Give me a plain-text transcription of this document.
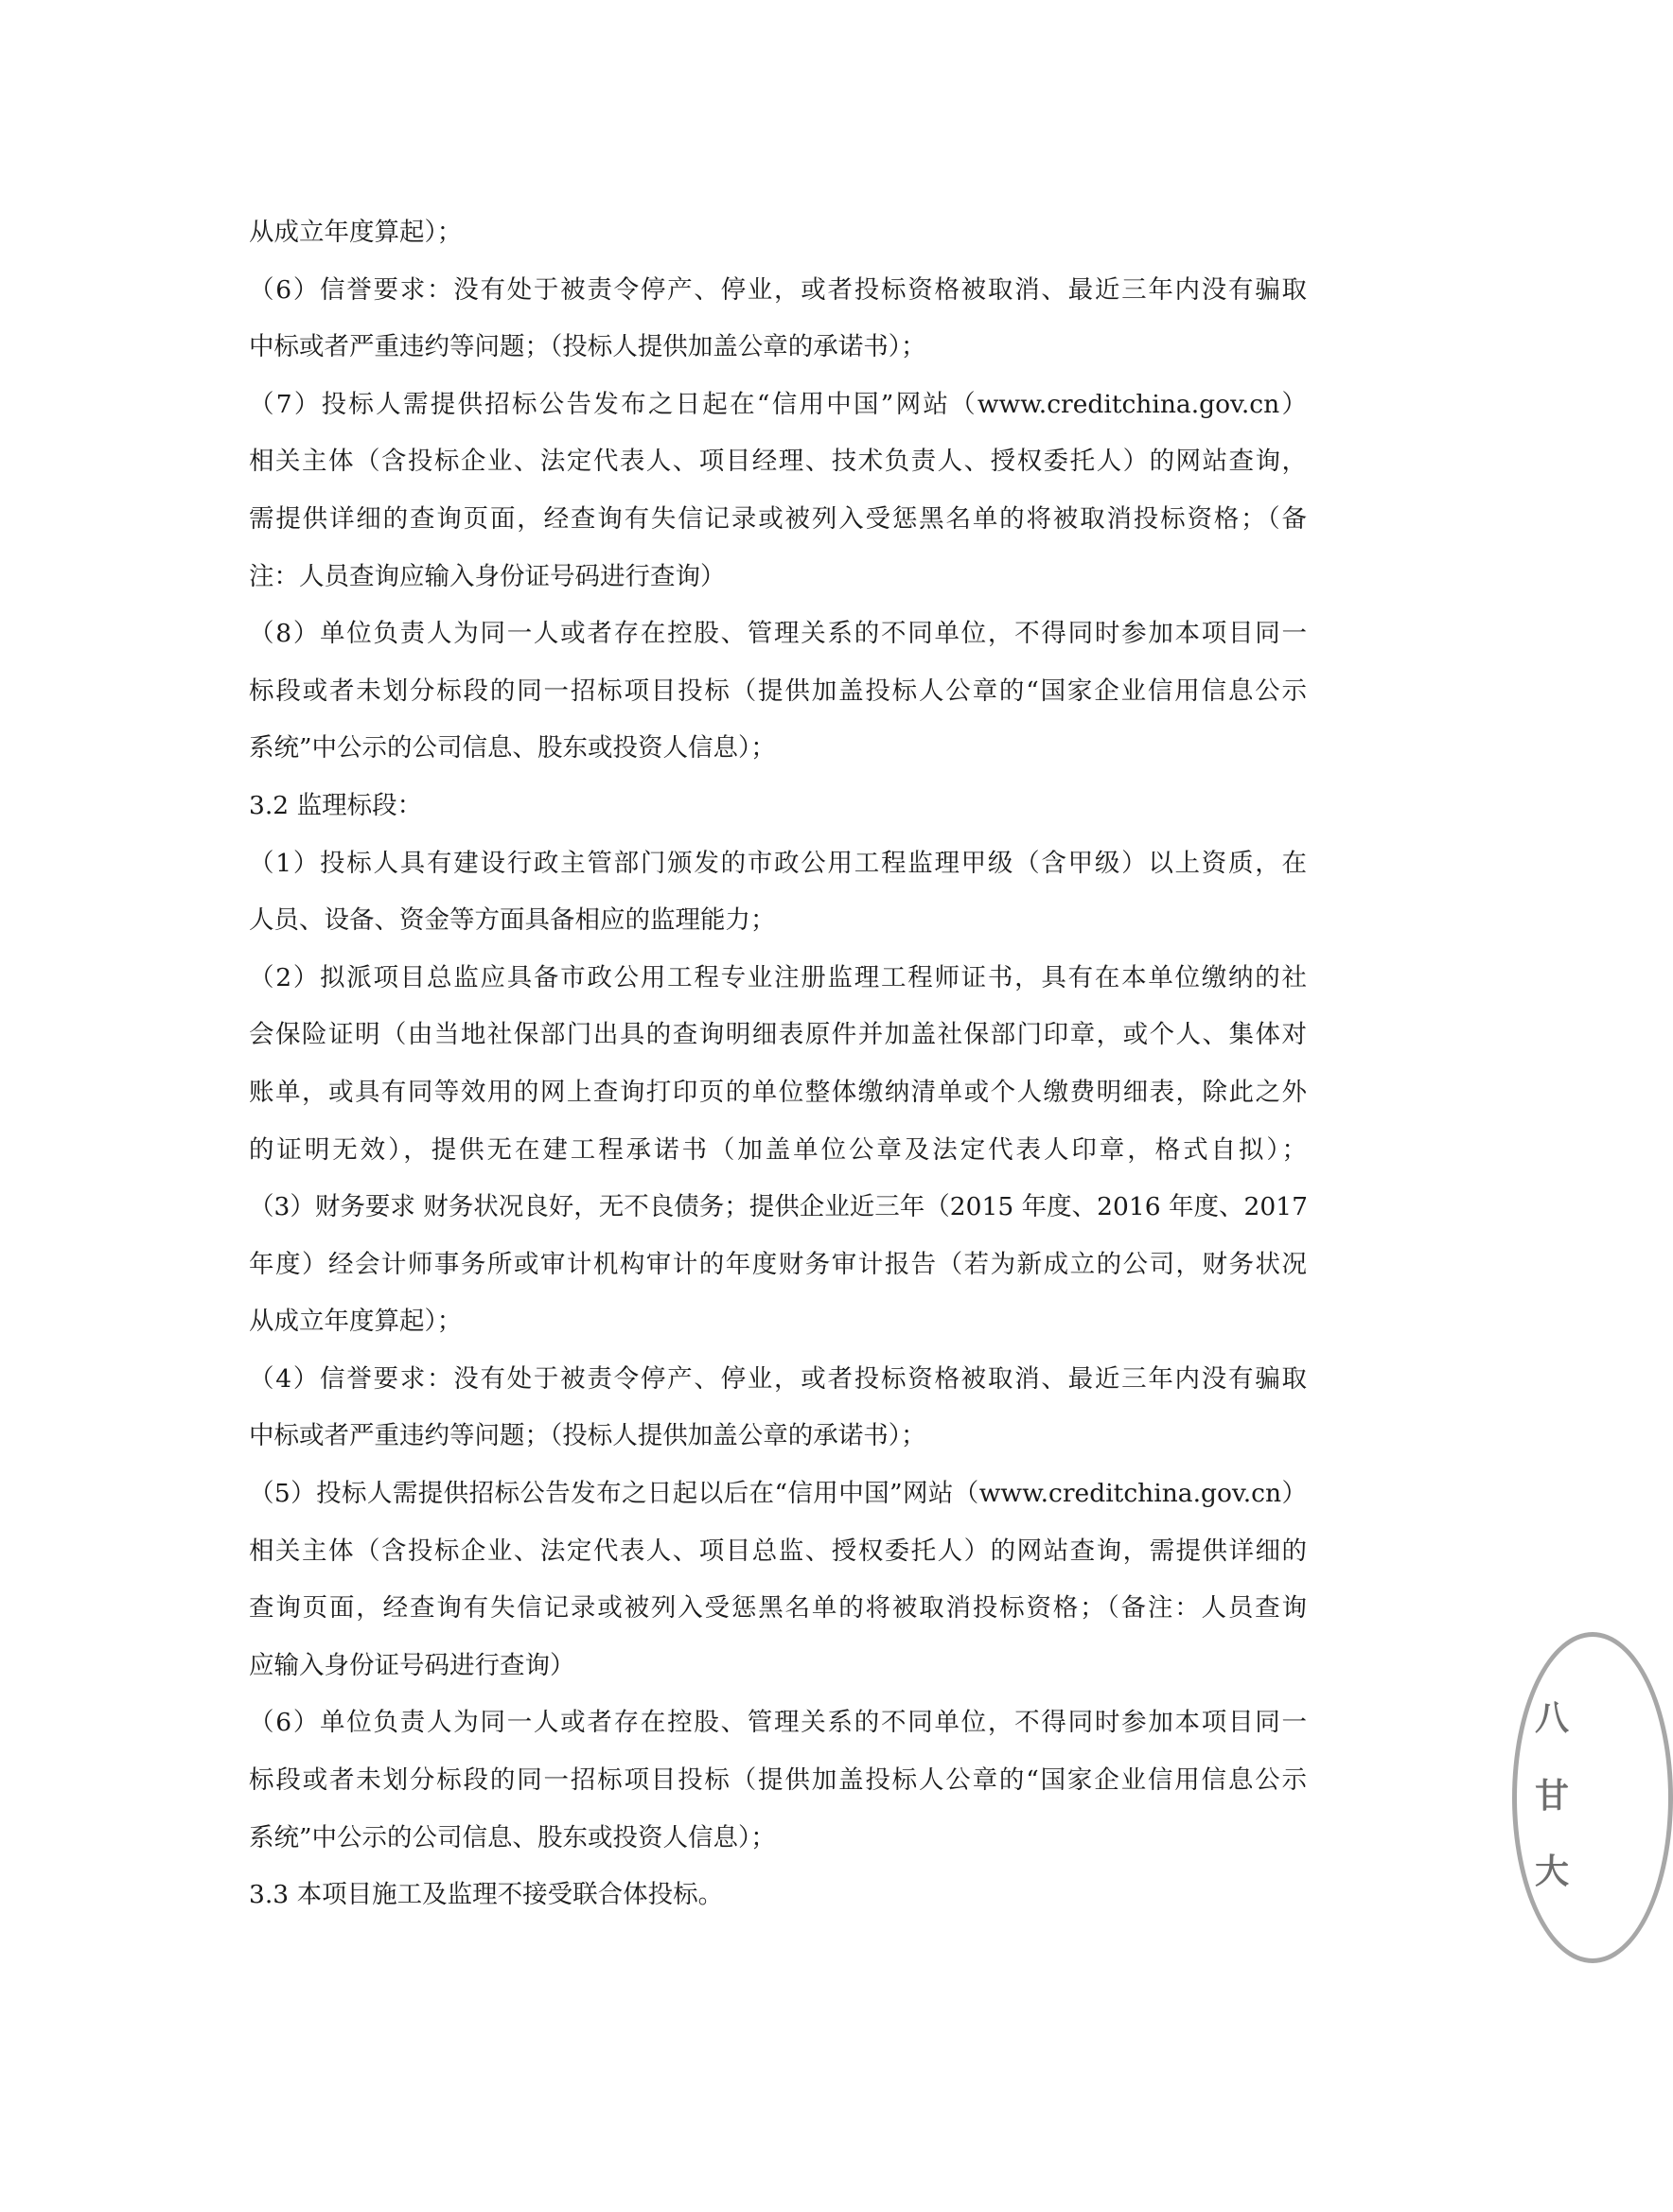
从成立年度算起）；
（6）信誉要求：没有处于被责令停产、停业，或者投标资格被取消、最近三年内没有骗取
中标或者严重违约等问题；（投标人提供加盖公章的承诺书）；
（7）投标人需提供招标公告发布之日起在“信用中国”网站（www.creditchina.gov.cn）
相关主体（含投标企业、法定代表人、项目经理、技术负责人、授权委托人）的网站查询，
需提供详细的查询页面，经查询有失信记录或被列入受惩黑名单的将被取消投标资格；（备
注：人员查询应输入身份证号码进行查询）
（8）单位负责人为同一人或者存在控股、管理关系的不同单位，不得同时参加本项目同一
标段或者未划分标段的同一招标项目投标（提供加盖投标人公章的“国家企业信用信息公示
系统”中公示的公司信息、股东或投资人信息）；
3.2 监理标段：
（1）投标人具有建设行政主管部门颁发的市政公用工程监理甲级（含甲级）以上资质，在
人员、设备、资金等方面具备相应的监理能力；
（2）拟派项目总监应具备市政公用工程专业注册监理工程师证书，具有在本单位缴纳的社
会保险证明（由当地社保部门出具的查询明细表原件并加盖社保部门印章，或个人、集体对
账单，或具有同等效用的网上查询打印页的单位整体缴纳清单或个人缴费明细表，除此之外
的证明无效），提供无在建工程承诺书（加盖单位公章及法定代表人印章，格式自拟）；
（3）财务要求 财务状况良好，无不良债务；提供企业近三年（2015 年度、2016 年度、2017
年度）经会计师事务所或审计机构审计的年度财务审计报告（若为新成立的公司，财务状况
从成立年度算起）；
（4）信誉要求：没有处于被责令停产、停业，或者投标资格被取消、最近三年内没有骗取
中标或者严重违约等问题；（投标人提供加盖公章的承诺书）；
（5）投标人需提供招标公告发布之日起以后在“信用中国”网站（www.creditchina.gov.cn）
相关主体（含投标企业、法定代表人、项目总监、授权委托人）的网站查询，需提供详细的
查询页面，经查询有失信记录或被列入受惩黑名单的将被取消投标资格；（备注：人员查询
应输入身份证号码进行查询）
（6）单位负责人为同一人或者存在控股、管理关系的不同单位，不得同时参加本项目同一
标段或者未划分标段的同一招标项目投标（提供加盖投标人公章的“国家企业信用信息公示
系统”中公示的公司信息、股东或投资人信息）；
3.3 本项目施工及监理不接受联合体投标。
八
甘
大
